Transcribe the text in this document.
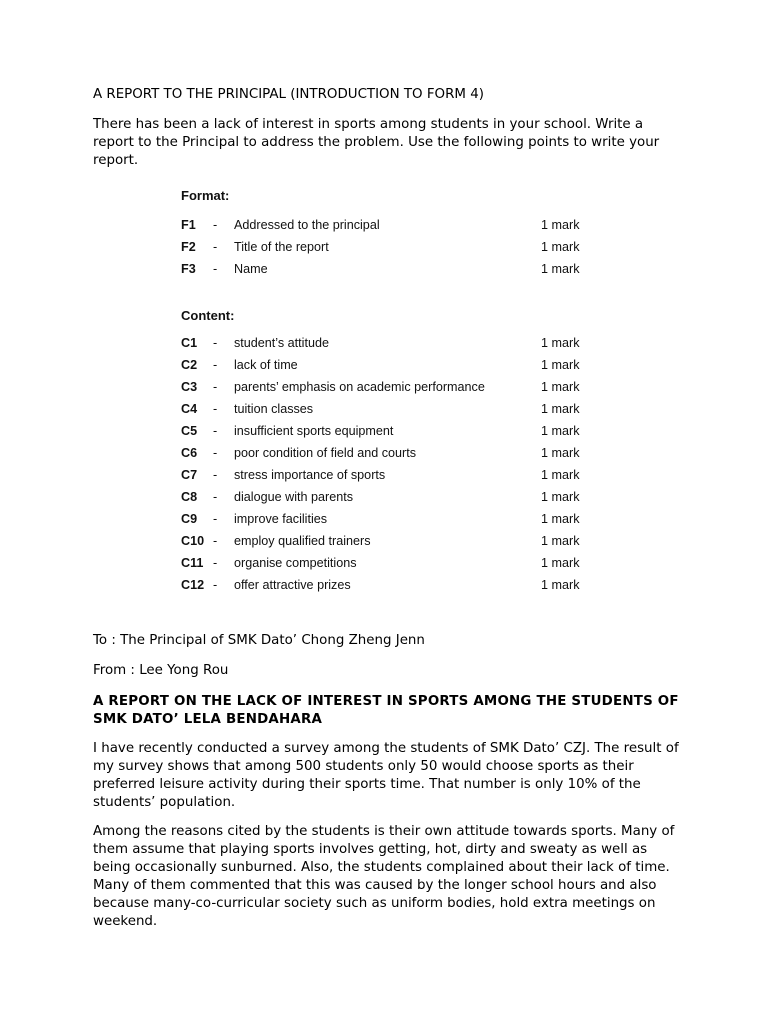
A REPORT TO THE PRINCIPAL (INTRODUCTION TO FORM 4)

There has been a lack of interest in sports among students in your school. Write a report to the Principal to address the problem. Use the following points to write your report.

Format:
F1 - Addressed to the principal	1 mark
F2 - Title of the report	1 mark
F3 - Name	1 mark
Content:
C1 - student’s attitude	1 mark
C2 - lack of time	1 mark
C3 - parents’ emphasis on academic performance	1 mark
C4 - tuition classes	1 mark
C5 - insufficient sports equipment	1 mark
C6 - poor condition of field and courts	1 mark
C7 - stress importance of sports	1 mark
C8 - dialogue with parents	1 mark
C9 - improve facilities	1 mark
C10 - employ qualified trainers	1 mark
C11 - organise competitions	1 mark
C12 - offer attractive prizes	1 mark

To : The Principal of SMK Dato’ Chong Zheng Jenn

From : Lee Yong Rou

A REPORT ON THE LACK OF INTEREST IN SPORTS AMONG THE STUDENTS OF SMK DATO’ LELA BENDAHARA

I have recently conducted a survey among the students of SMK Dato’ CZJ. The result of my survey shows that among 500 students only 50 would choose sports as their preferred leisure activity during their sports time. That number is only 10% of the students’ population.

Among the reasons cited by the students is their own attitude towards sports. Many of them assume that playing sports involves getting, hot, dirty and sweaty as well as being occasionally sunburned. Also, the students complained about their lack of time. Many of them commented that this was caused by the longer school hours and also because many-co-curricular society such as uniform bodies, hold extra meetings on weekend.
